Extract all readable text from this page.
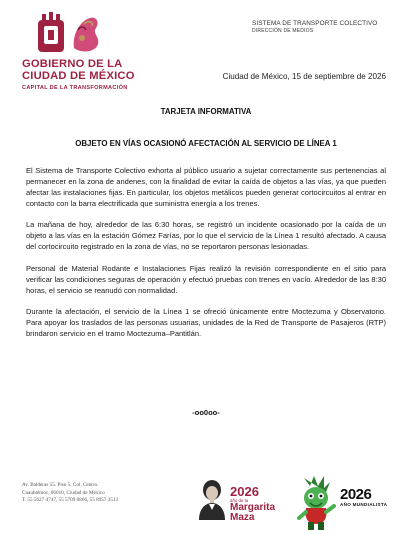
GOBIERNO DE LA
CIUDAD DE MÉXICO
CAPITAL DE LA TRANSFORMACIÓN
SISTEMA DE TRANSPORTE COLECTIVO
DIRECCIÓN DE MEDIOS
Ciudad de México, 15 de septiembre de 2026
TARJETA INFORMATIVA
OBJETO EN VÍAS OCASIONÓ AFECTACIÓN AL SERVICIO DE LÍNEA 1

El Sistema de Transporte Colectivo exhorta al público usuario a sujetar correctamente sus pertenencias al permanecer en la zona de andenes, con la finalidad de evitar la caída de objetos a las vías, ya que pueden afectar las instalaciones fijas. En particular, los objetos metálicos pueden generar cortocircuitos al entrar en contacto con la barra electrificada que suministra energía a los trenes.

La mañana de hoy, alrededor de las 6:30 horas, se registró un incidente ocasionado por la caída de un objeto a las vías en la estación Gómez Farías, por lo que el servicio de la Línea 1 resultó afectado. A causa del cortocircuito registrado en la zona de vías, no se reportaron personas lesionadas.

Personal de Material Rodante e Instalaciones Fijas realizó la revisión correspondiente en el sitio para verificar las condiciones seguras de operación y efectuó pruebas con trenes en vacío. Alrededor de las 8:30 horas, el servicio se reanudó con normalidad.

Durante la afectación, el servicio de la Línea 1 se ofreció únicamente entre Moctezuma y Observatorio. Para apoyar los traslados de las personas usuarias, unidades de la Red de Transporte de Pasajeros (RTP) brindaron servicio en el tramo Moctezuma–Pantitlán.

-oo0oo-
Av. Balderas 55. Piso 5. Col. Centro.
Cuauhtémoc, 06010, Ciudad de México
T. 55 5627 4747, 55 5709 0866, 55 8957 3513
2026
año de la
Margarita
Maza
2026
AÑO MUNDIALISTA
